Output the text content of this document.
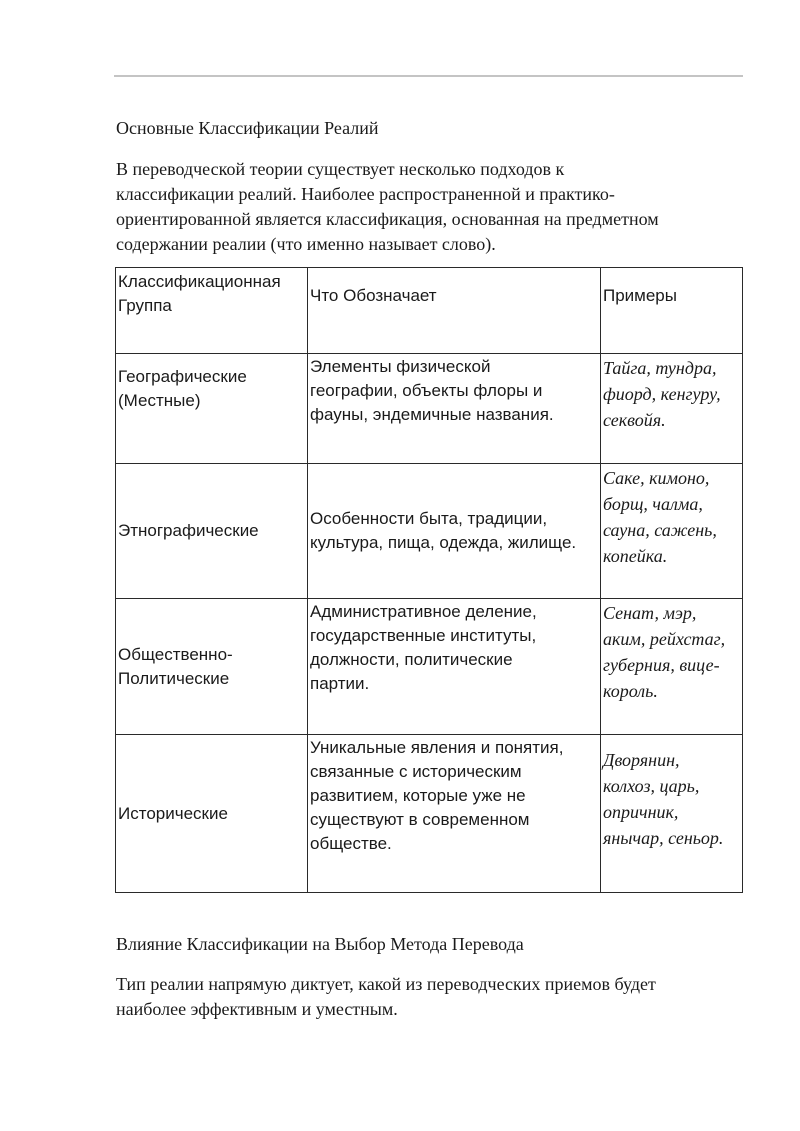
Основные Классификации Реалий
В переводческой теории существует несколько подходов к
классификации реалий. Наиболее распространенной и практико-
ориентированной является классификация, основанная на предметном
содержании реалии (что именно называет слово).
Классификационная
Группа	Что Обозначает	Примеры

Географические
(Местные)	Элементы физической
географии, объекты флоры и
фауны, эндемичные названия.	Тайга, тундра,
фиорд, кенгуру,
секвойя.

Этнографические	Особенности быта, традиции,
культура, пища, одежда, жилище.	Саке, кимоно,
борщ, чалма,
сауна, сажень,
копейка.

Общественно-
Политические	Административное деление,
государственные институты,
должности, политические
партии.	Сенат, мэр,
аким, рейхстаг,
губерния, вице-
король.

Исторические	Уникальные явления и понятия,
связанные с историческим
развитием, которые уже не
существуют в современном
обществе.	Дворянин,
колхоз, царь,
опричник,
янычар, сеньор.
Влияние Классификации на Выбор Метода Перевода
Тип реалии напрямую диктует, какой из переводческих приемов будет
наиболее эффективным и уместным.
